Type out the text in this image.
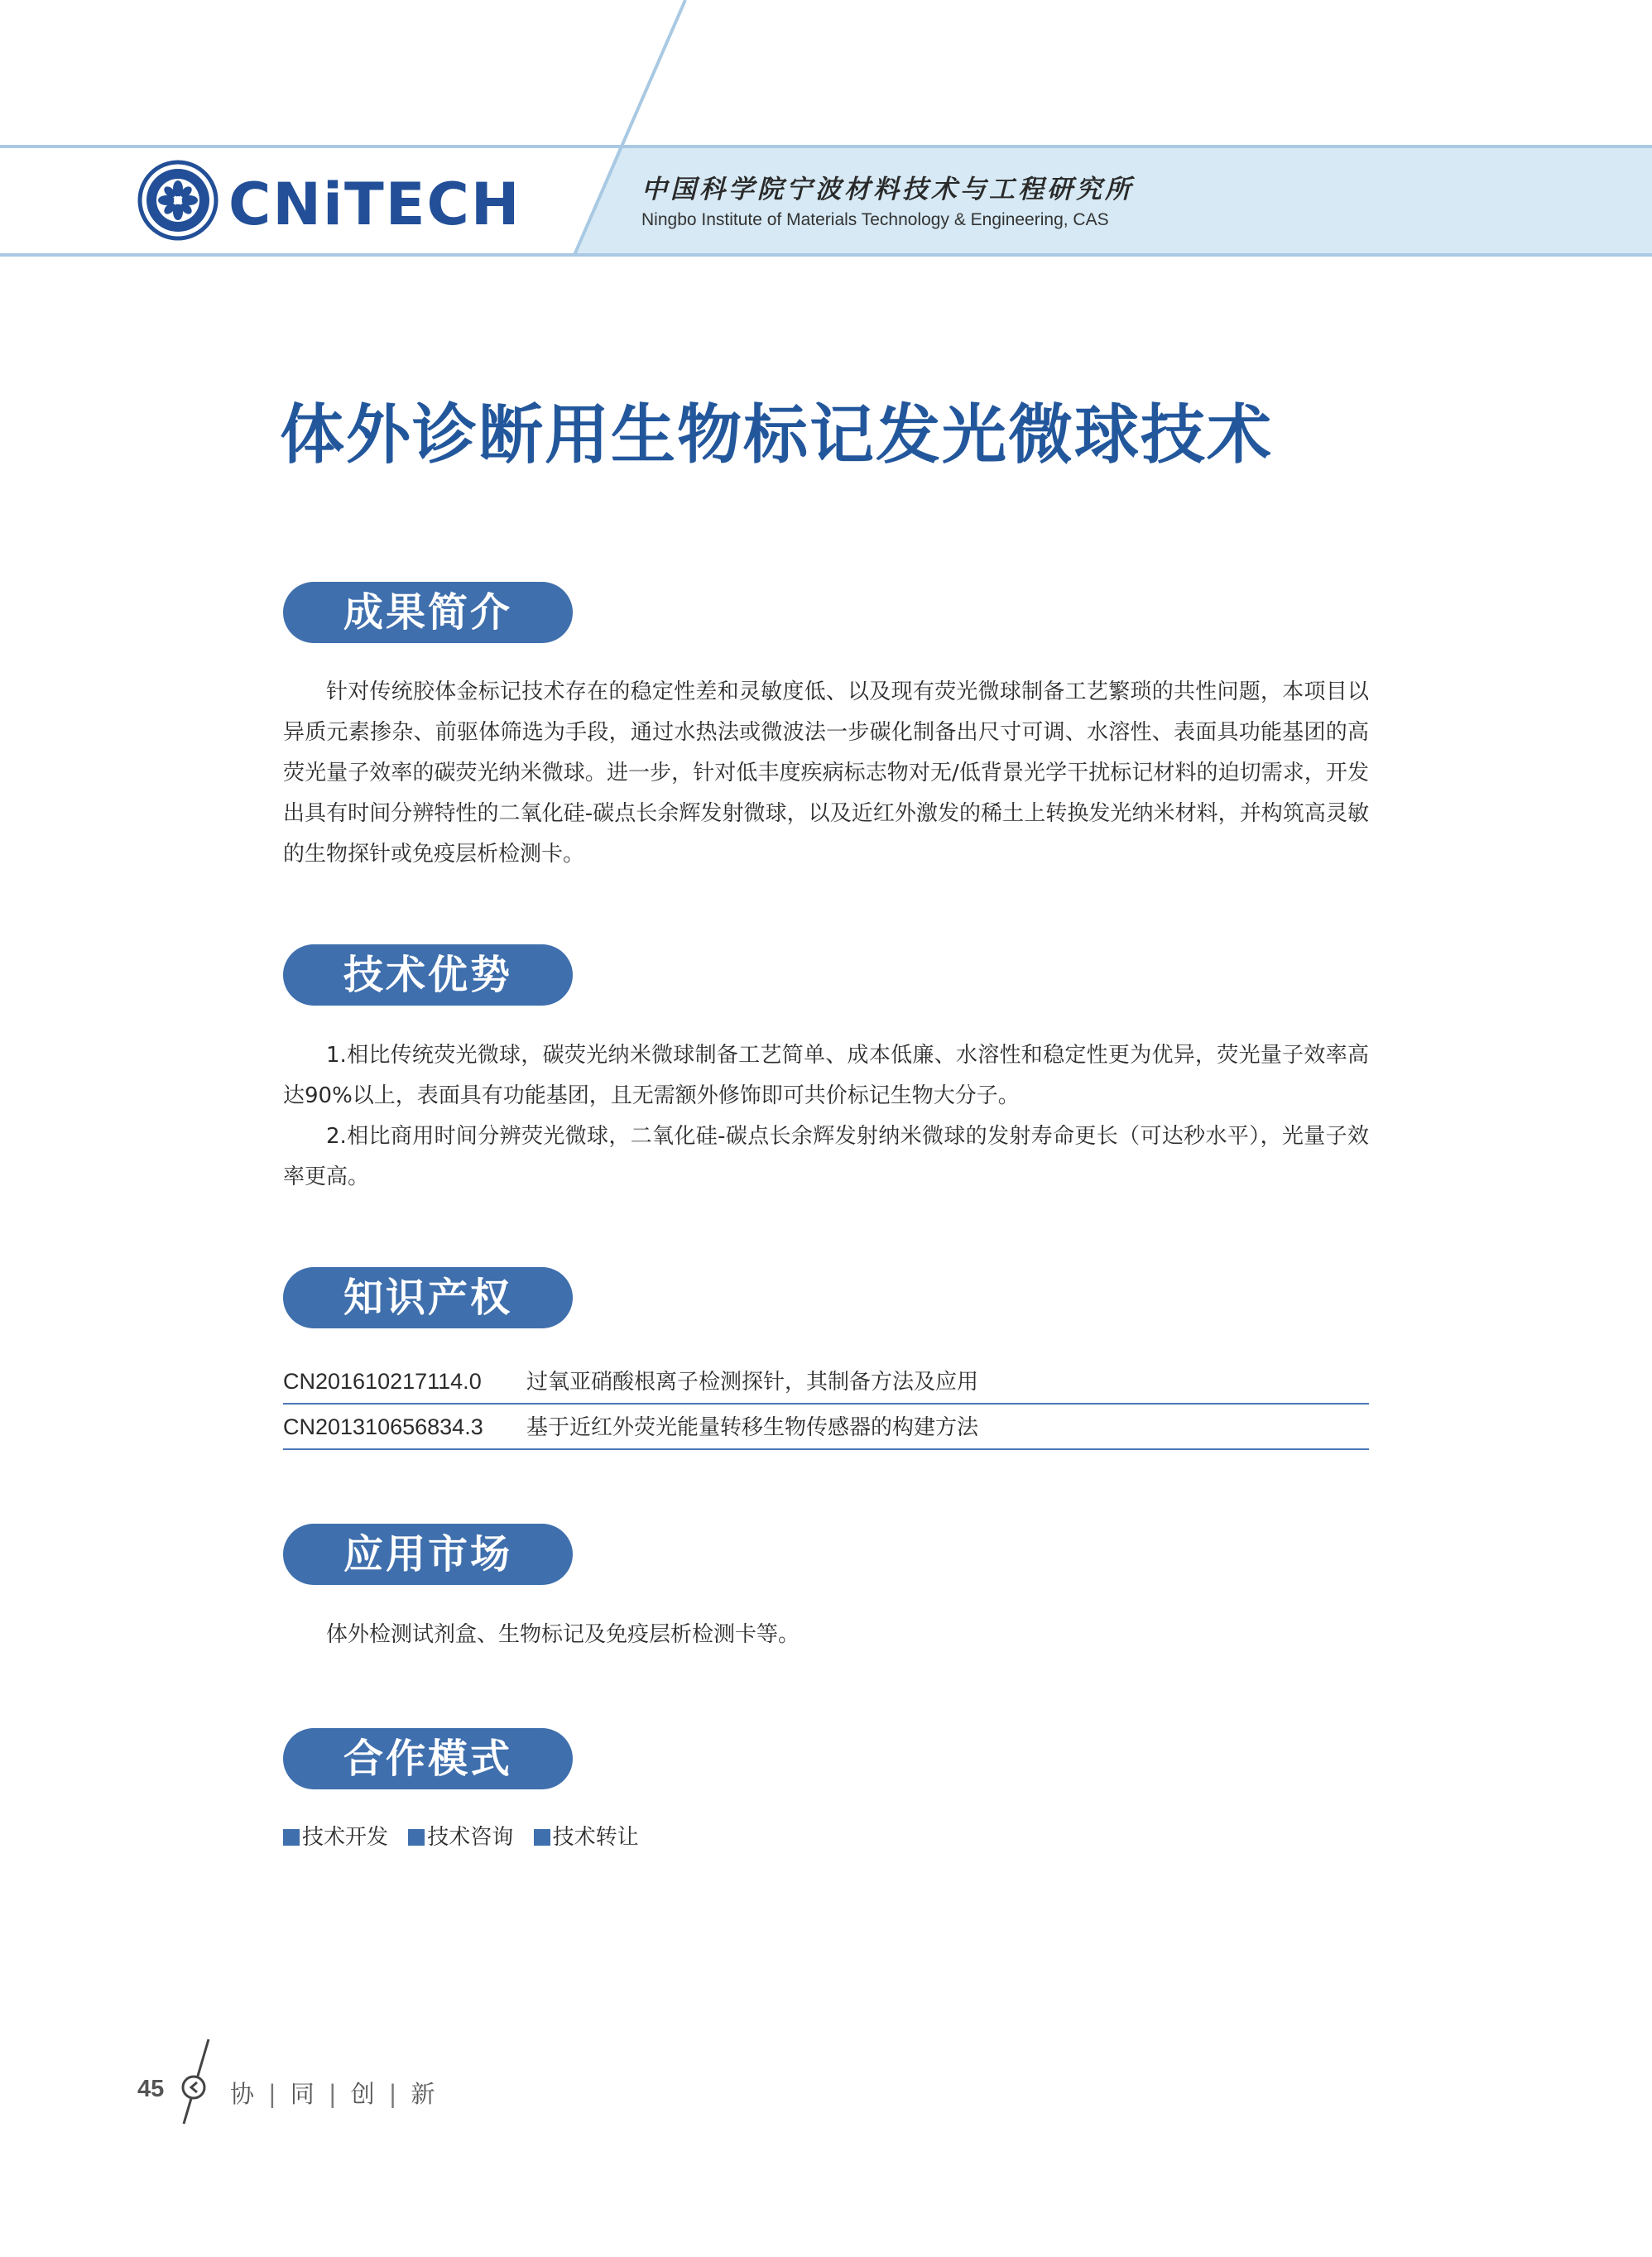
CNiTECH	中国科学院宁波材料技术与工程研究所
Ningbo Institute of Materials Technology & Engineering, CAS
体外诊断用生物标记发光微球技术
成果简介

针对传统胶体金标记技术存在的稳定性差和灵敏度低、以及现有荧光微球制备工艺繁琐的共性问题，本项目以异质元素掺杂、前驱体筛选为手段，通过水热法或微波法一步碳化制备出尺寸可调、水溶性、表面具功能基团的高荧光量子效率的碳荧光纳米微球。进一步，针对低丰度疾病标志物对无/低背景光学干扰标记材料的迫切需求，开发出具有时间分辨特性的二氧化硅-碳点长余辉发射微球，以及近红外激发的稀土上转换发光纳米材料，并构筑高灵敏的生物探针或免疫层析检测卡。

技术优势

1.相比传统荧光微球，碳荧光纳米微球制备工艺简单、成本低廉、水溶性和稳定性更为优异，荧光量子效率高达90%以上，表面具有功能基团，且无需额外修饰即可共价标记生物大分子。

2.相比商用时间分辨荧光微球，二氧化硅-碳点长余辉发射纳米微球的发射寿命更长（可达秒水平），光量子效率更高。

知识产权
CN201610217114.0 过氧亚硝酸根离子检测探针，其制备方法及应用
CN201310656834.3 基于近红外荧光能量转移生物传感器的构建方法
应用市场

体外检测试剂盒、生物标记及免疫层析检测卡等。

合作模式
技术开发 技术咨询 技术转让
45	协 | 同 | 创 | 新
